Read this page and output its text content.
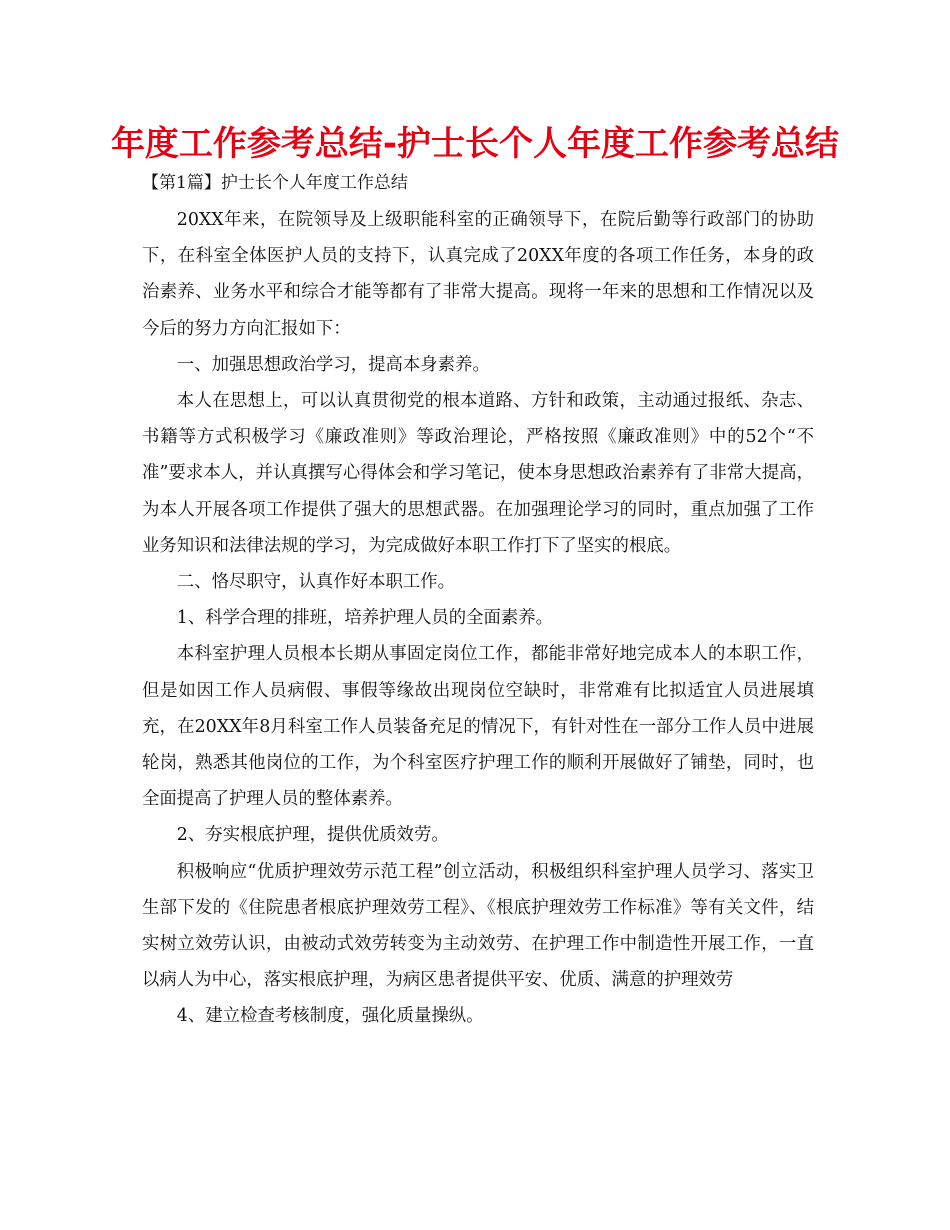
年度工作参考总结-护士长个人年度工作参考总结
【第1篇】护士长个人年度工作总结

20XX年来，在院领导及上级职能科室的正确领导下，在院后勤等行政部门的协助下，在科室全体医护人员的支持下，认真完成了20XX年度的各项工作任务，本身的政治素养、业务水平和综合才能等都有了非常大提高。现将一年来的思想和工作情况以及今后的努力方向汇报如下：

一、加强思想政治学习，提高本身素养。

本人在思想上，可以认真贯彻党的根本道路、方针和政策，主动通过报纸、杂志、书籍等方式积极学习《廉政准则》等政治理论，严格按照《廉政准则》中的52个“不准”要求本人，并认真撰写心得体会和学习笔记，使本身思想政治素养有了非常大提高，为本人开展各项工作提供了强大的思想武器。在加强理论学习的同时，重点加强了工作业务知识和法律法规的学习，为完成做好本职工作打下了坚实的根底。

二、恪尽职守，认真作好本职工作。

1、科学合理的排班，培养护理人员的全面素养。

本科室护理人员根本长期从事固定岗位工作，都能非常好地完成本人的本职工作，但是如因工作人员病假、事假等缘故出现岗位空缺时，非常难有比拟适宜人员进展填充，在20XX年8月科室工作人员装备充足的情况下，有针对性在一部分工作人员中进展轮岗，熟悉其他岗位的工作，为个科室医疗护理工作的顺利开展做好了铺垫，同时，也全面提高了护理人员的整体素养。

2、夯实根底护理，提供优质效劳。

积极响应“优质护理效劳示范工程”创立活动，积极组织科室护理人员学习、落实卫生部下发的《住院患者根底护理效劳工程》、《根底护理效劳工作标准》等有关文件，结实树立效劳认识，由被动式效劳转变为主动效劳、在护理工作中制造性开展工作，一直以病人为中心，落实根底护理，为病区患者提供平安、优质、满意的护理效劳

4、建立检查考核制度，强化质量操纵。
